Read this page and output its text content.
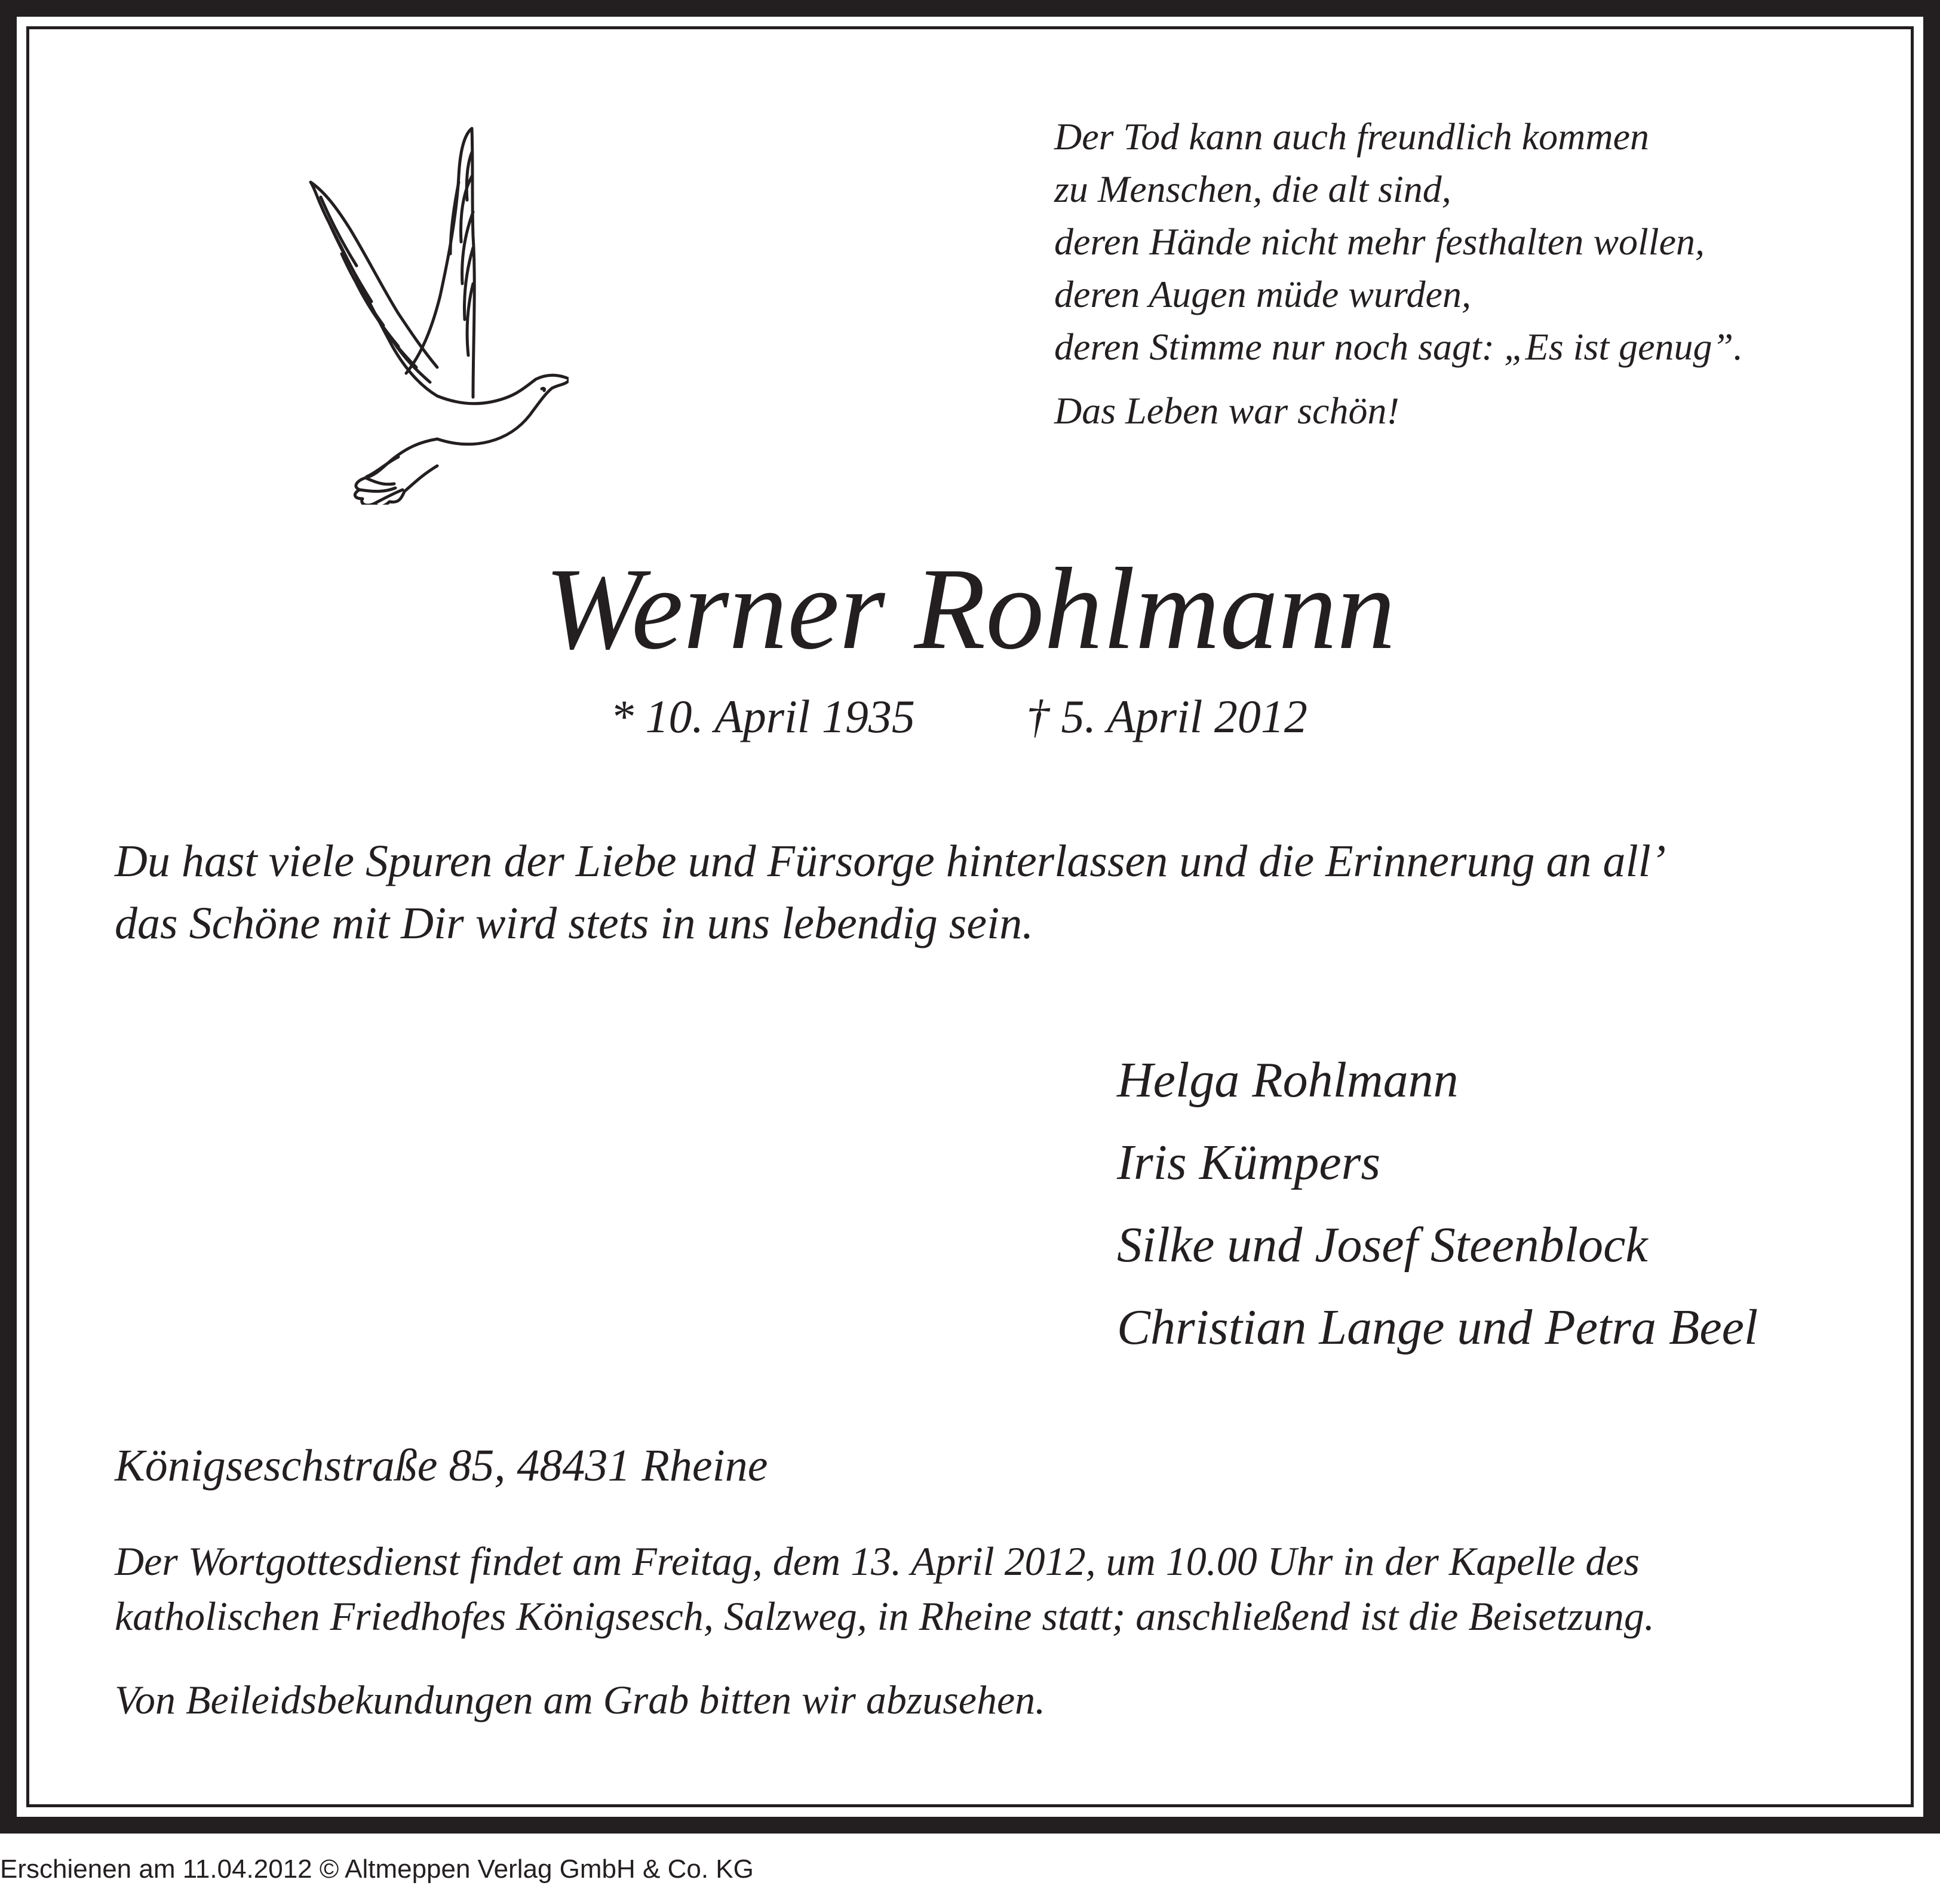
Der Tod kann auch freundlich kommen
zu Menschen, die alt sind,
deren Hände nicht mehr festhalten wollen,
deren Augen müde wurden,
deren Stimme nur noch sagt: „Es ist genug”.
Das Leben war schön!
Werner Rohlmann
* 10. April 1935 † 5. April 2012
Du hast viele Spuren der Liebe und Fürsorge hinterlassen und die Erinnerung an all’
das Schöne mit Dir wird stets in uns lebendig sein.
Helga Rohlmann
Iris Kümpers
Silke und Josef Steenblock
Christian Lange und Petra Beel
Königseschstraße 85, 48431 Rheine
Der Wortgottesdienst findet am Freitag, dem 13. April 2012, um 10.00 Uhr in der Kapelle des
katholischen Friedhofes Königsesch, Salzweg, in Rheine statt; anschließend ist die Beisetzung.
Von Beileidsbekundungen am Grab bitten wir abzusehen.
Erschienen am 11.04.2012 © Altmeppen Verlag GmbH & Co. KG
